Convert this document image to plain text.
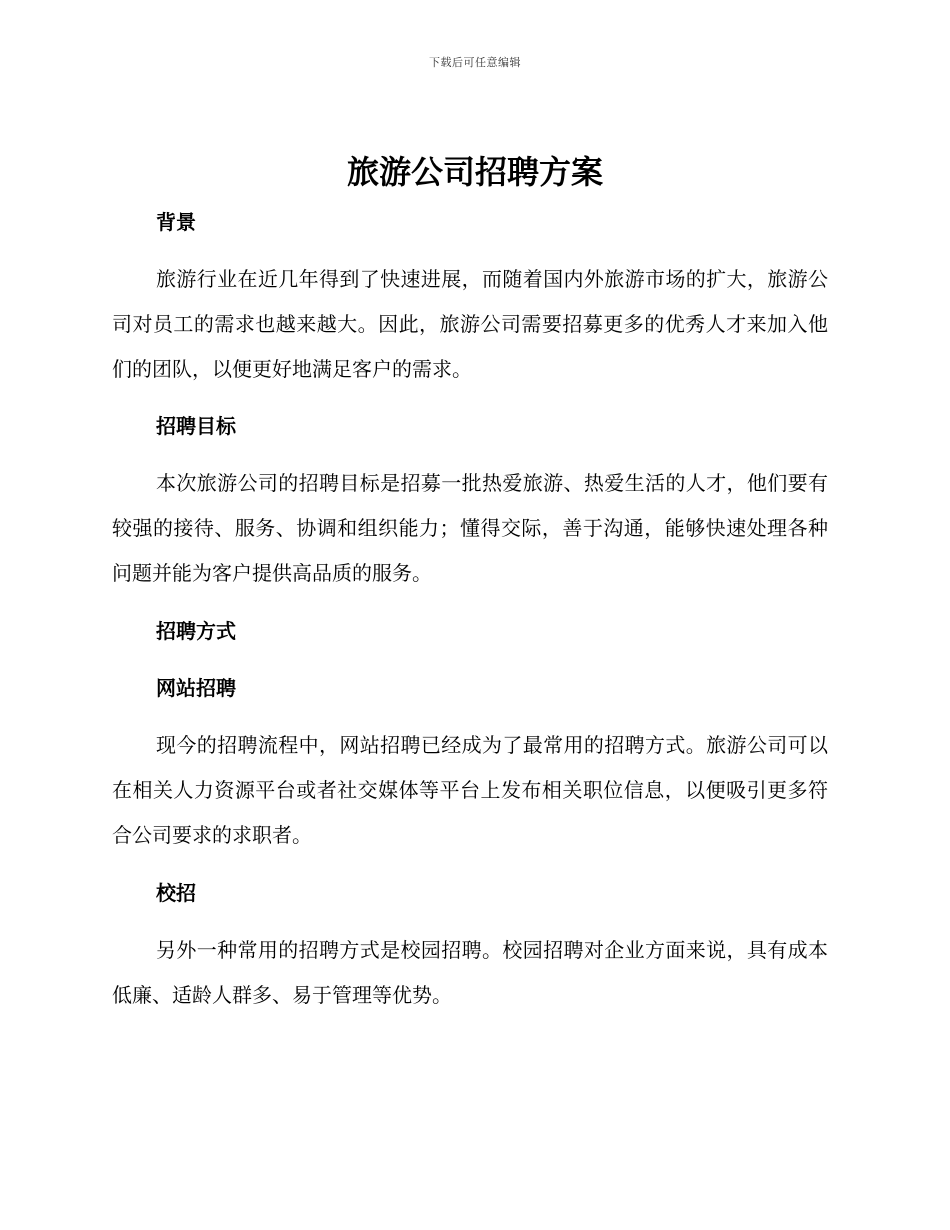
下载后可任意编辑
旅游公司招聘方案
背景

旅游行业在近几年得到了快速进展，而随着国内外旅游市场的扩大，旅游公司对员工的需求也越来越大。因此，旅游公司需要招募更多的优秀人才来加入他们的团队，以便更好地满足客户的需求。

招聘目标

本次旅游公司的招聘目标是招募一批热爱旅游、热爱生活的人才，他们要有较强的接待、服务、协调和组织能力；懂得交际，善于沟通，能够快速处理各种问题并能为客户提供高品质的服务。

招聘方式
网站招聘

现今的招聘流程中，网站招聘已经成为了最常用的招聘方式。旅游公司可以在相关人力资源平台或者社交媒体等平台上发布相关职位信息，以便吸引更多符合公司要求的求职者。

校招

另外一种常用的招聘方式是校园招聘。校园招聘对企业方面来说，具有成本低廉、适龄人群多、易于管理等优势。
